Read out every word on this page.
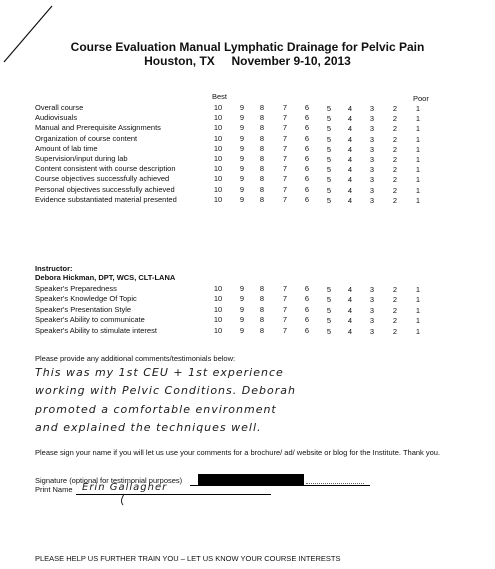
Course Evaluation Manual Lymphatic Drainage for Pelvic Pain
Houston, TX     November 9-10, 2013
Best	Poor
Overall course	10	9	8	7	6	5	4	3	2	1
Audiovisuals	10	9	8	7	6	5	4	3	2	1
Manual and Prerequisite Assignments	10	9	8	7	6	5	4	3	2	1
Organization of course content	10	9	8	7	6	5	4	3	2	1
Amount of lab time	10	9	8	7	6	5	4	3	2	1
Supervision/input during lab	10	9	8	7	6	5	4	3	2	1
Content consistent with course description	10	9	8	7	6	5	4	3	2	1
Course objectives successfully achieved	10	9	8	7	6	5	4	3	2	1
Personal objectives successfully achieved	10	9	8	7	6	5	4	3	2	1
Evidence substantiated material presented	10	9	8	7	6	5	4	3	2	1
Instructor:
Debora Hickman, DPT, WCS, CLT-LANA
Speaker's Preparedness	10	9	8	7	6	5	4	3	2	1
Speaker's Knowledge Of Topic	10	9	8	7	6	5	4	3	2	1
Speaker's Presentation Style	10	9	8	7	6	5	4	3	2	1
Speaker's Ability to communicate	10	9	8	7	6	5	4	3	2	1
Speaker's Ability to stimulate interest	10	9	8	7	6	5	4	3	2	1
Please provide any additional comments/testimonials below:
This was my 1st CEU + 1st experience
working with Pelvic Conditions. Deborah
promoted a comfortable environment
and explained the techniques well.
Please sign your name if you will let us use your comments for a brochure/ ad/ website or blog for the Institute. Thank you.
Signature (optional for testimonial purposes)
Print Name Erin Gallagher
PLEASE HELP US FURTHER TRAIN YOU – LET US KNOW YOUR COURSE INTERESTS
